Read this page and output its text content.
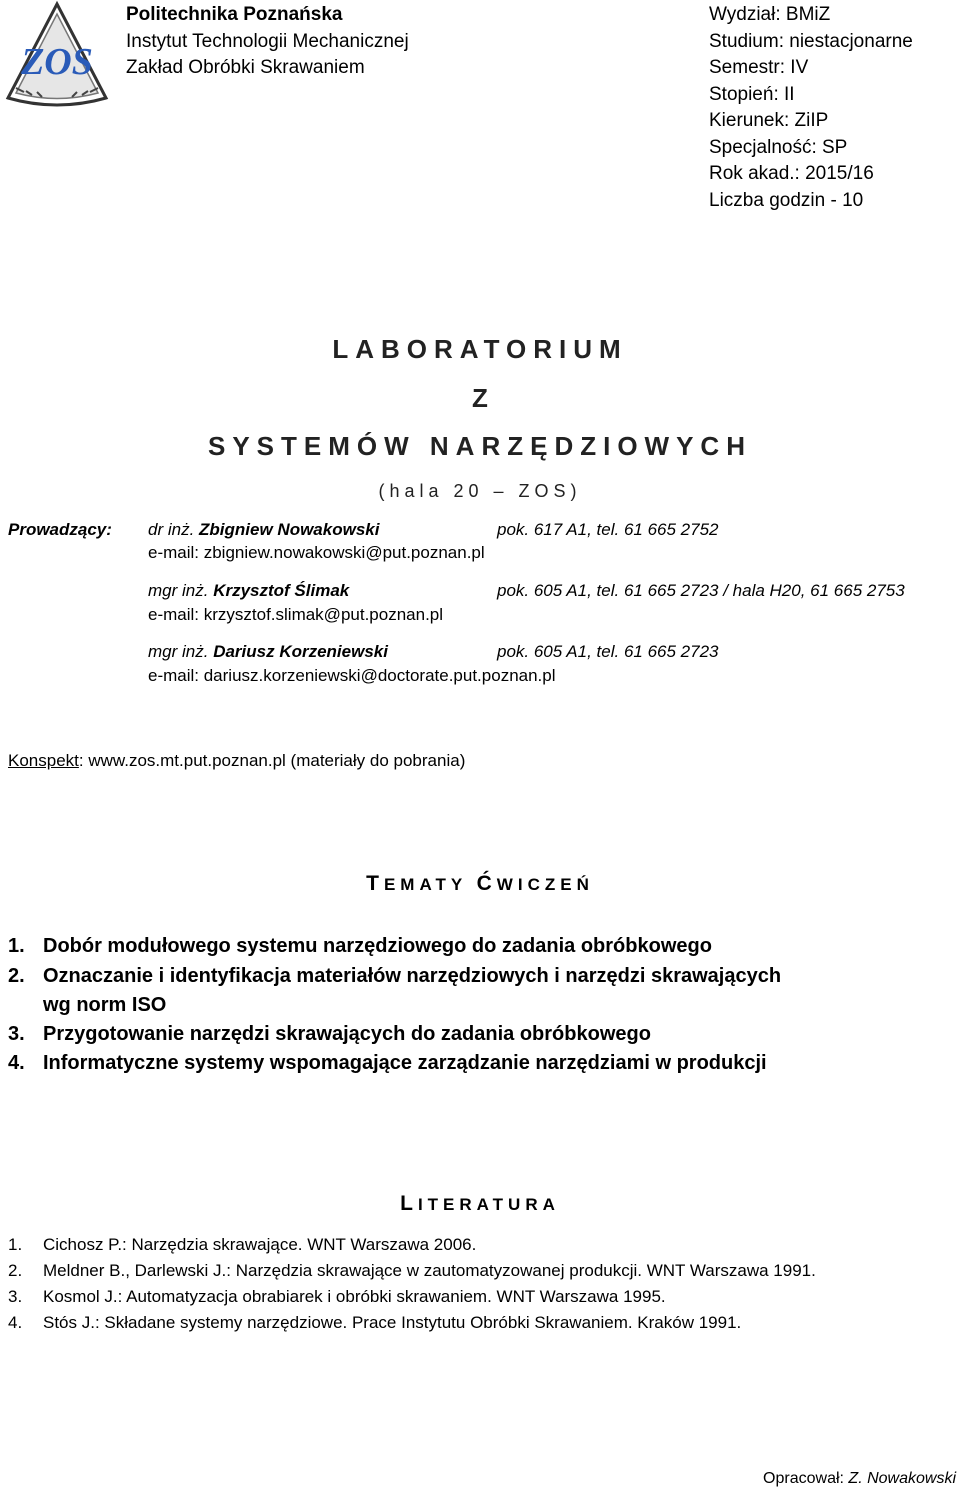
ZOS
Politechnika Poznańska
Instytut Technologii Mechanicznej
Zakład Obróbki Skrawaniem
Wydział: BMiZ
Studium: niestacjonarne
Semestr: IV
Stopień: II
Kierunek: ZiIP
Specjalność: SP
Rok akad.: 2015/16
Liczba godzin - 10
LABORATORIUM
Z
SYSTEMÓW NARZĘDZIOWYCH
(hala 20 – ZOS)
Prowadzący: dr inż. Zbigniew Nowakowski	pok. 617 A1, tel. 61 665 2752
e-mail: zbigniew.nowakowski@put.poznan.pl
mgr inż. Krzysztof Ślimak	pok. 605 A1, tel. 61 665 2723 / hala H20, 61 665 2753
e-mail: krzysztof.slimak@put.poznan.pl
mgr inż. Dariusz Korzeniewski	pok. 605 A1, tel. 61 665 2723
e-mail: dariusz.korzeniewski@doctorate.put.poznan.pl
Konspekt: www.zos.mt.put.poznan.pl (materiały do pobrania)
TEMATY ĆWICZEŃ
1. Dobór modułowego systemu narzędziowego do zadania obróbkowego
2. Oznaczanie i identyfikacja materiałów narzędziowych i narzędzi skrawających
wg norm ISO
3. Przygotowanie narzędzi skrawających do zadania obróbkowego
4. Informatyczne systemy wspomagające zarządzanie narzędziami w produkcji
LITERATURA
1. Cichosz P.: Narzędzia skrawające. WNT Warszawa 2006.
2. Meldner B., Darlewski J.: Narzędzia skrawające w zautomatyzowanej produkcji. WNT Warszawa 1991.
3. Kosmol J.: Automatyzacja obrabiarek i obróbki skrawaniem. WNT Warszawa 1995.
4. Stós J.: Składane systemy narzędziowe. Prace Instytutu Obróbki Skrawaniem. Kraków 1991.
Opracował: Z. Nowakowski
